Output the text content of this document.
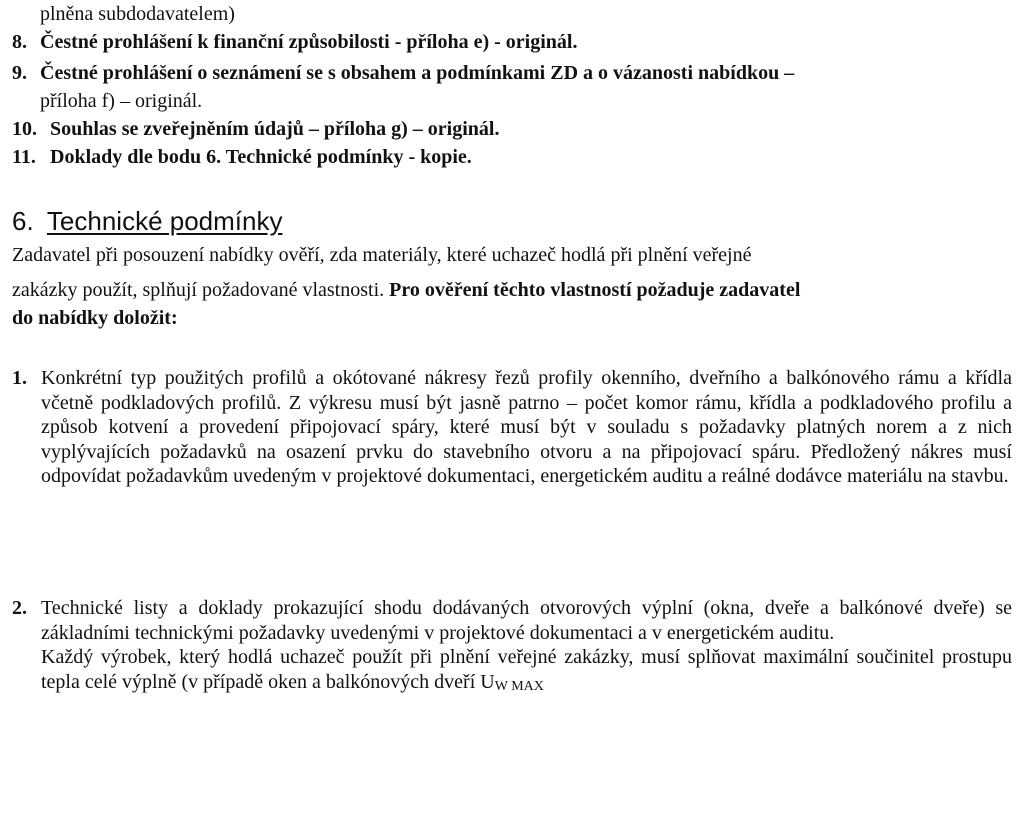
plněna subdodavatelem)
8. Čestné prohlášení k finanční způsobilosti - příloha e) - originál.
9. Čestné prohlášení o seznámení se s obsahem a podmínkami ZD a o vázanosti nabídkou –
příloha f) – originál.
10. Souhlas se zveřejněním údajů – příloha g) – originál.
11. Doklady dle bodu 6. Technické podmínky - kopie.
6. Technické podmínky
Zadavatel při posouzení nabídky ověří, zda materiály, které uchazeč hodlá při plnění veřejné
zakázky použít, splňují požadované vlastnosti. Pro ověření těchto vlastností požaduje zadavatel
do nabídky doložit:
1. Konkrétní typ použitých profilů a okótované nákresy řezů profily okenního, dveřního a balkónového rámu a křídla včetně podkladových profilů. Z výkresu musí být jasně patrno – počet komor rámu, křídla a podkladového profilu a způsob kotvení a provedení připojovací spáry, které musí být v souladu s požadavky platných norem a z nich vyplývajících požadavků na osazení prvku do stavebního otvoru a na připojovací spáru. Předložený nákres musí odpovídat požadavkům uvedeným v projektové dokumentaci, energetickém auditu a reálné dodávce materiálu na stavbu.
2. Technické listy a doklady prokazující shodu dodávaných otvorových výplní (okna, dveře a balkónové dveře) se základními technickými požadavky uvedenými v projektové dokumentaci a v energetickém auditu.
Každý výrobek, který hodlá uchazeč použít při plnění veřejné zakázky, musí splňovat maximální součinitel prostupu tepla celé výplně (v případě oken a balkónových dveří UW MAX
